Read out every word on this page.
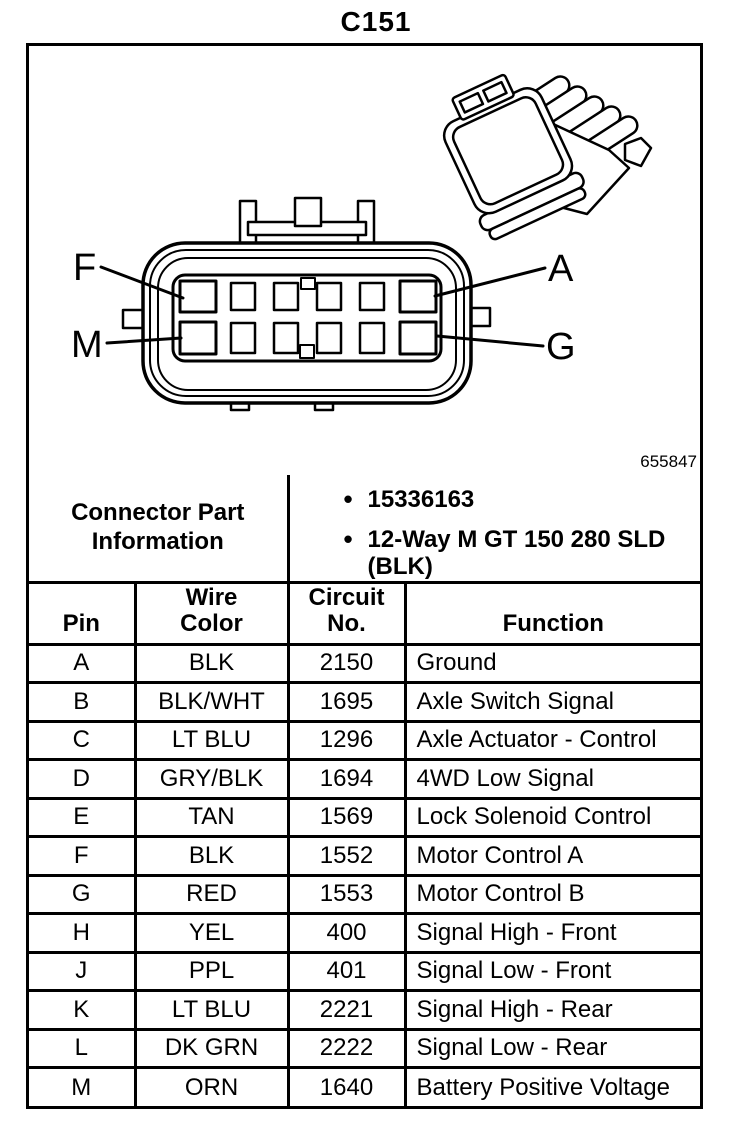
C151
F
M
A
G
655847
Connector Part Information

• 15336163
• 12-Way M GT 150 280 SLD (BLK)

Pin	Wire Color	Circuit No.	Function
A	BLK	2150	Ground
B	BLK/WHT	1695	Axle Switch Signal
C	LT BLU	1296	Axle Actuator - Control
D	GRY/BLK	1694	4WD Low Signal
E	TAN	1569	Lock Solenoid Control
F	BLK	1552	Motor Control A
G	RED	1553	Motor Control B
H	YEL	400	Signal High - Front
J	PPL	401	Signal Low - Front
K	LT BLU	2221	Signal High - Rear
L	DK GRN	2222	Signal Low - Rear
M	ORN	1640	Battery Positive Voltage
